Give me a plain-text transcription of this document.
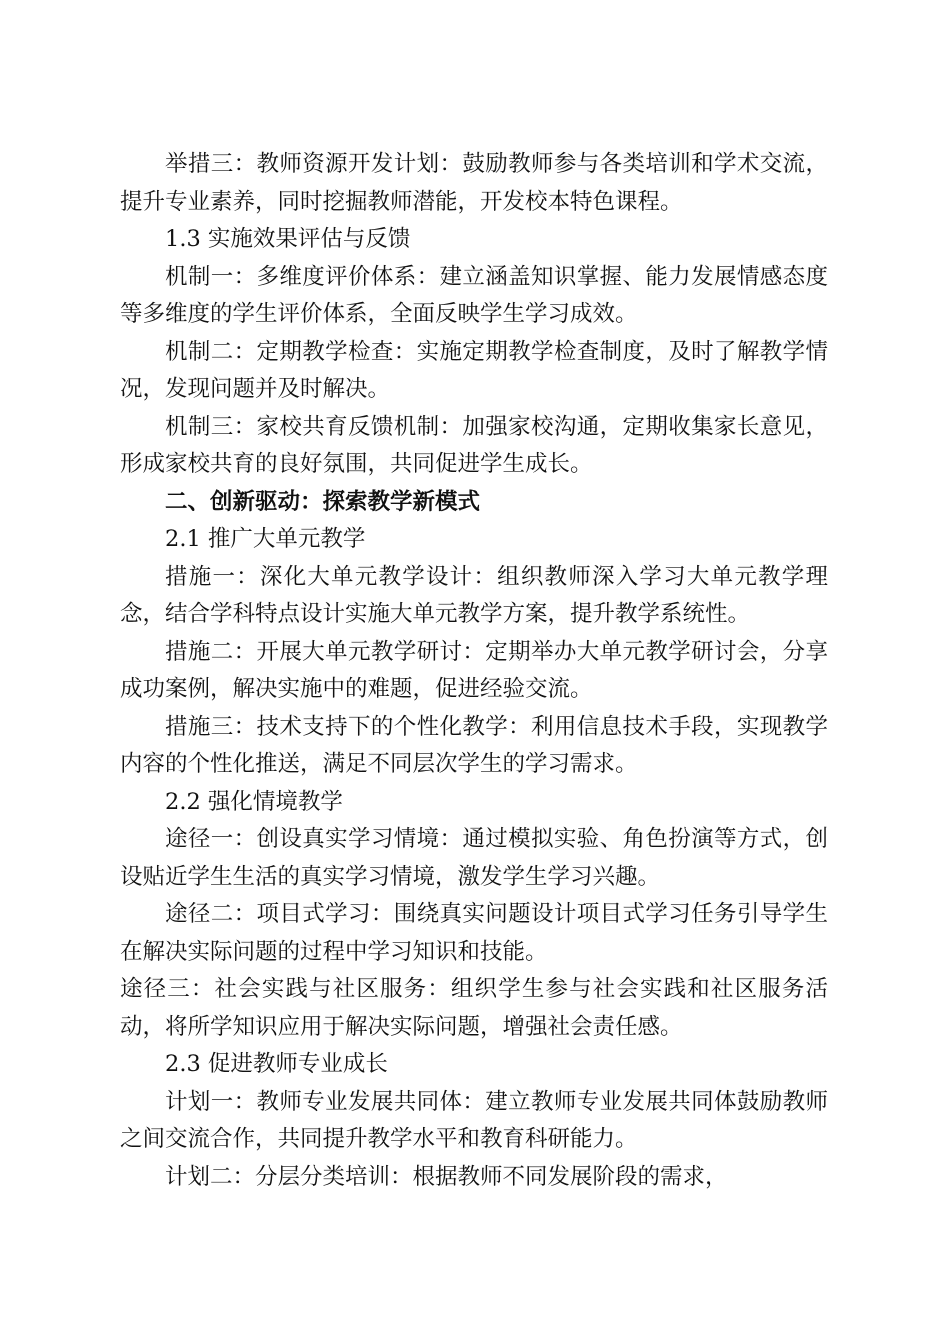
举措三：教师资源开发计划：鼓励教师参与各类培训和学术交流，提升专业素养，同时挖掘教师潜能，开发校本特色课程。

1.3 实施效果评估与反馈

机制一：多维度评价体系：建立涵盖知识掌握、能力发展情感态度等多维度的学生评价体系，全面反映学生学习成效。

机制二：定期教学检查：实施定期教学检查制度，及时了解教学情况，发现问题并及时解决。

机制三：家校共育反馈机制：加强家校沟通，定期收集家长意见，形成家校共育的良好氛围，共同促进学生成长。

二、创新驱动：探索教学新模式

2.1 推广大单元教学

措施一：深化大单元教学设计：组织教师深入学习大单元教学理念，结合学科特点设计实施大单元教学方案，提升教学系统性。

措施二：开展大单元教学研讨：定期举办大单元教学研讨会，分享成功案例，解决实施中的难题，促进经验交流。

措施三：技术支持下的个性化教学：利用信息技术手段，实现教学内容的个性化推送，满足不同层次学生的学习需求。

2.2 强化情境教学

途径一：创设真实学习情境：通过模拟实验、角色扮演等方式，创设贴近学生生活的真实学习情境，激发学生学习兴趣。

途径二：项目式学习：围绕真实问题设计项目式学习任务引导学生在解决实际问题的过程中学习知识和技能。

途径三：社会实践与社区服务：组织学生参与社会实践和社区服务活动，将所学知识应用于解决实际问题，增强社会责任感。

2.3 促进教师专业成长

计划一：教师专业发展共同体：建立教师专业发展共同体鼓励教师之间交流合作，共同提升教学水平和教育科研能力。

计划二：分层分类培训：根据教师不同发展阶段的需求，
